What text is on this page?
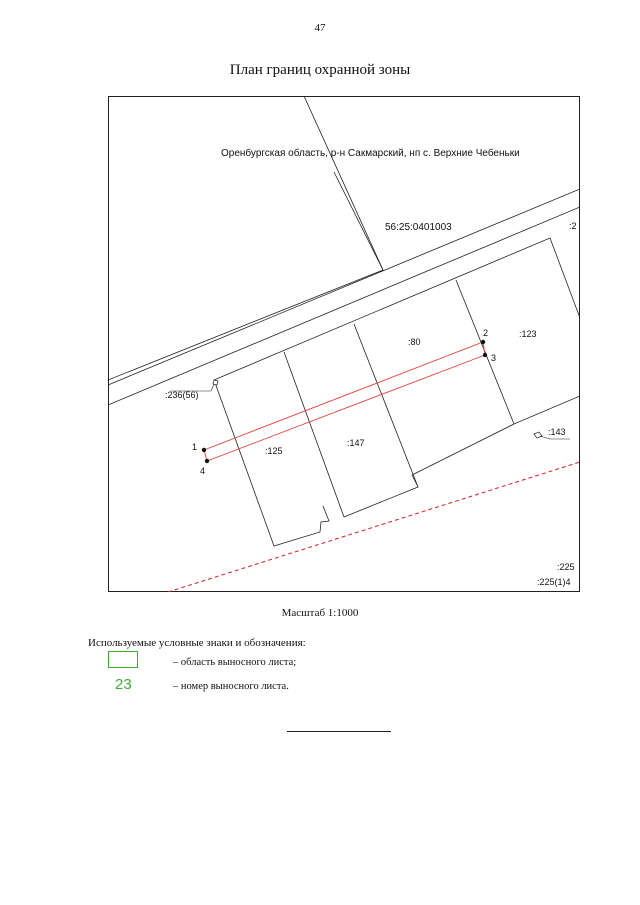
47
План границ охранной зоны
Оренбургская область, р-н Сакмарский, нп с. Верхние Чебеньки
56:25:0401003	:2
:80
:123
:236(56)
:125
:147
:143
:225
:225(1)4
1
2
3
4
Масштаб 1:1000
Используемые условные знаки и обозначения:
– область выносного листа;
23	– номер выносного листа.
